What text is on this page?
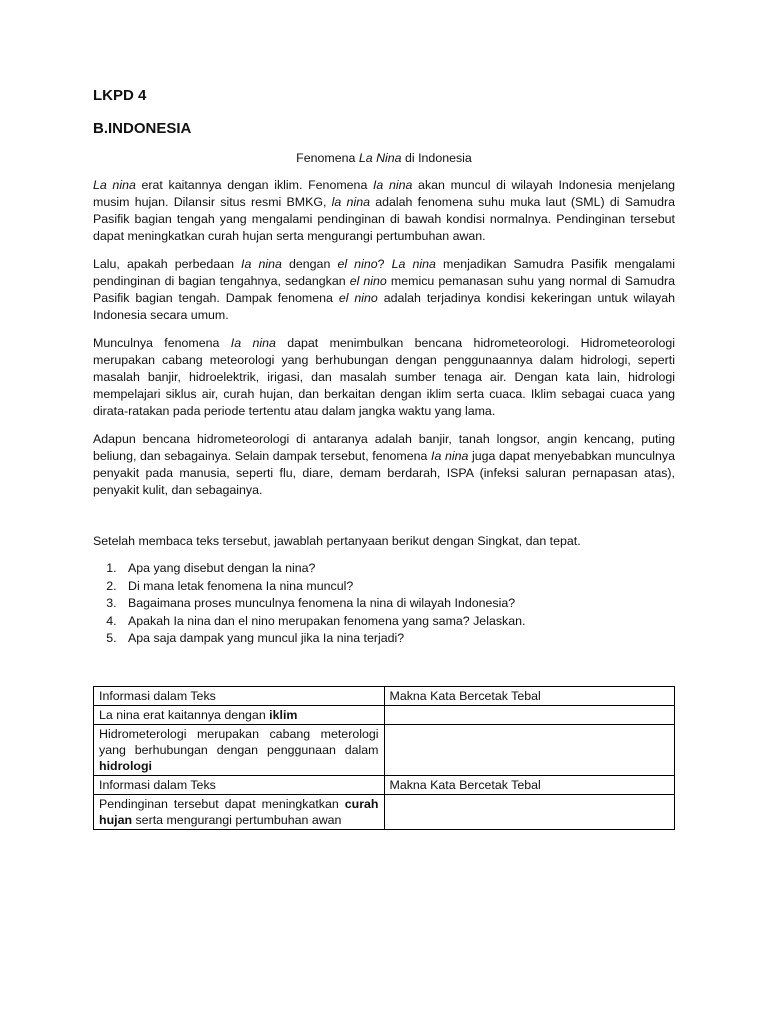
LKPD 4

B.INDONESIA

Fenomena La Nina di Indonesia

La nina erat kaitannya dengan iklim. Fenomena Ia nina akan muncul di wilayah Indonesia menjelang musim hujan. Dilansir situs resmi BMKG, la nina adalah fenomena suhu muka laut (SML) di Samudra Pasifik bagian tengah yang mengalami pendinginan di bawah kondisi normalnya. Pendinginan tersebut dapat meningkatkan curah hujan serta mengurangi pertumbuhan awan.

Lalu, apakah perbedaan Ia nina dengan el nino? La nina menjadikan Samudra Pasifik mengalami pendinginan di bagian tengahnya, sedangkan el nino memicu pemanasan suhu yang normal di Samudra Pasifik bagian tengah. Dampak fenomena el nino adalah terjadinya kondisi kekeringan untuk wilayah Indonesia secara umum.

Munculnya fenomena Ia nina dapat menimbulkan bencana hidrometeorologi. Hidrometeorologi merupakan cabang meteorologi yang berhubungan dengan penggunaannya dalam hidrologi, seperti masalah banjir, hidroelektrik, irigasi, dan masalah sumber tenaga air. Dengan kata lain, hidrologi mempelajari siklus air, curah hujan, dan berkaitan dengan iklim serta cuaca. Iklim sebagai cuaca yang dirata-ratakan pada periode tertentu atau dalam jangka waktu yang lama.

Adapun bencana hidrometeorologi di antaranya adalah banjir, tanah longsor, angin kencang, puting beliung, dan sebagainya. Selain dampak tersebut, fenomena Ia nina juga dapat menyebabkan munculnya penyakit pada manusia, seperti flu, diare, demam berdarah, ISPA (infeksi saluran pernapasan atas), penyakit kulit, dan sebagainya.

Setelah membaca teks tersebut, jawablah pertanyaan berikut dengan Singkat, dan tepat.

1. Apa yang disebut dengan la nina?
2. Di mana letak fenomena Ia nina muncul?
3. Bagaimana proses munculnya fenomena la nina di wilayah Indonesia?
4. Apakah Ia nina dan el nino merupakan fenomena yang sama? Jelaskan.
5. Apa saja dampak yang muncul jika Ia nina terjadi?
Informasi dalam Teks	Makna Kata Bercetak Tebal
La nina erat kaitannya dengan iklim	
Hidrometerologi merupakan cabang meterologi yang berhubungan dengan penggunaan dalam hidrologi	
Informasi dalam Teks	Makna Kata Bercetak Tebal
Pendinginan tersebut dapat meningkatkan curah hujan serta mengurangi pertumbuhan awan	
